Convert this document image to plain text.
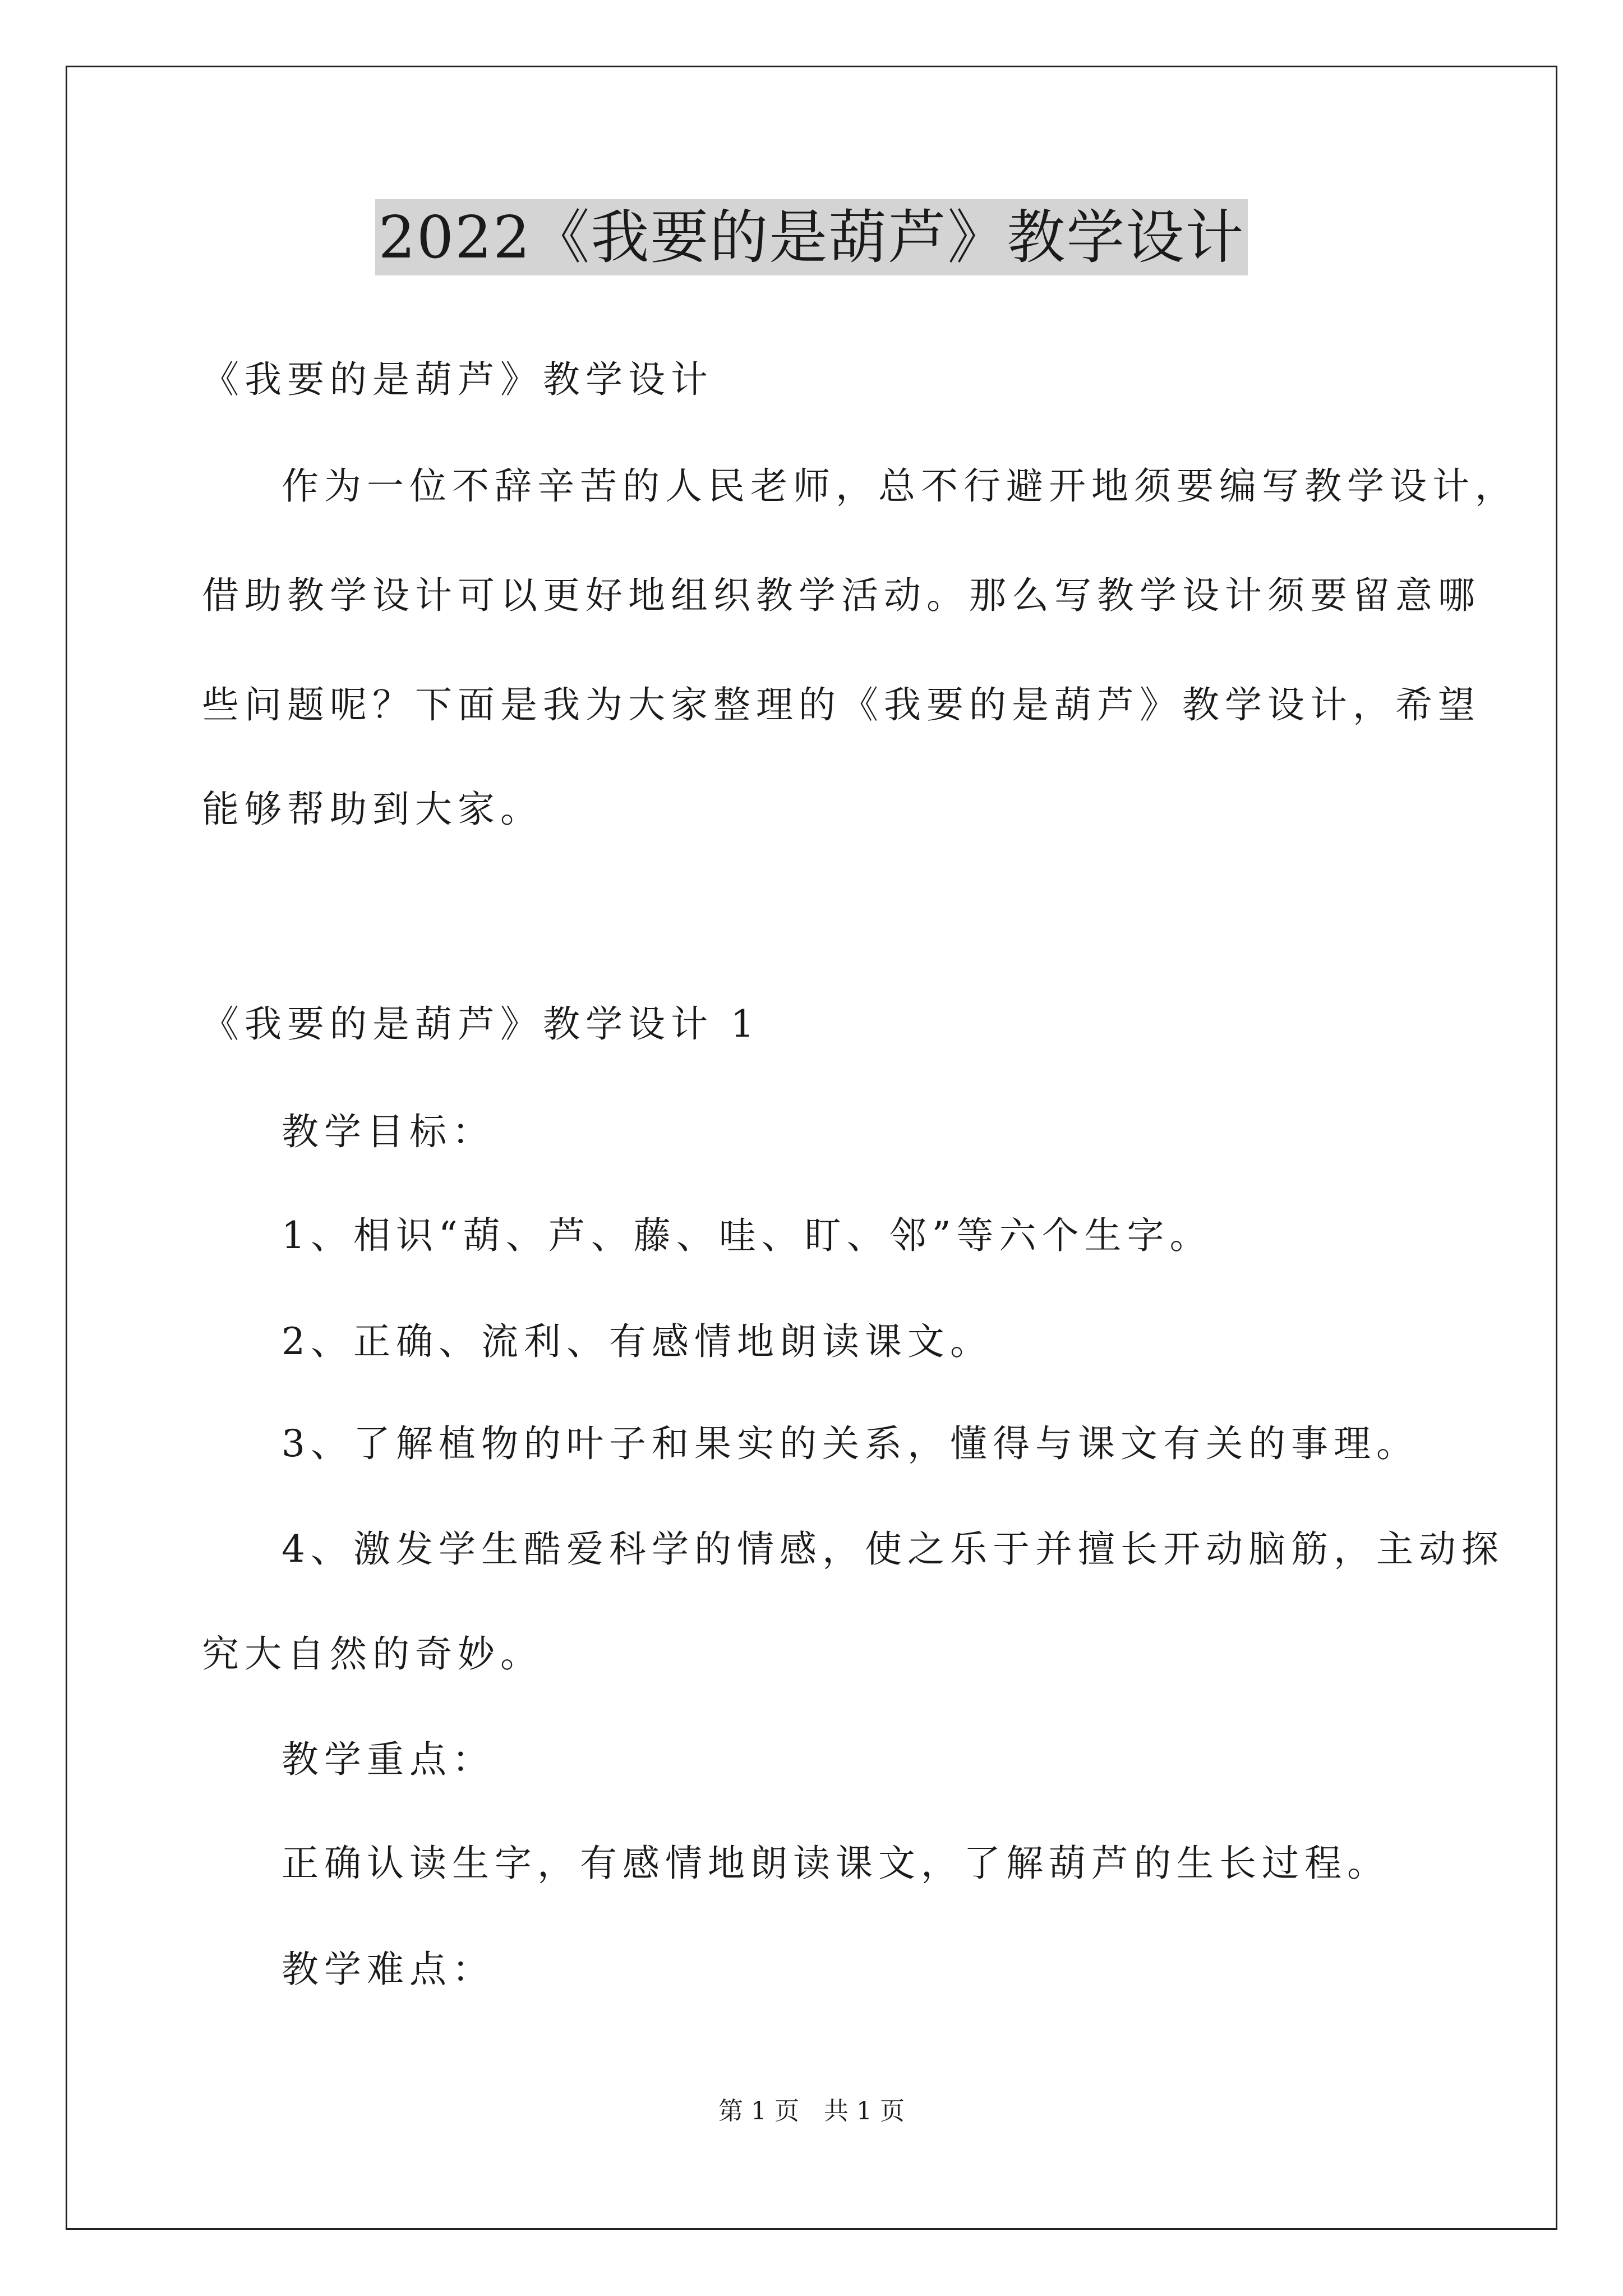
2022《我要的是葫芦》教学设计
《我要的是葫芦》教学设计
作为一位不辞辛苦的人民老师，总不行避开地须要编写教学设计，
借助教学设计可以更好地组织教学活动。那么写教学设计须要留意哪
些问题呢？下面是我为大家整理的《我要的是葫芦》教学设计，希望
能够帮助到大家。
《我要的是葫芦》教学设计 1
教学目标：
1、相识“葫、芦、藤、哇、盯、邻”等六个生字。
2、正确、流利、有感情地朗读课文。
3、了解植物的叶子和果实的关系，懂得与课文有关的事理。
4、激发学生酷爱科学的情感，使之乐于并擅长开动脑筋，主动探
究大自然的奇妙。
教学重点：
正确认读生字，有感情地朗读课文，了解葫芦的生长过程。
教学难点：
第 1 页　共 1 页
